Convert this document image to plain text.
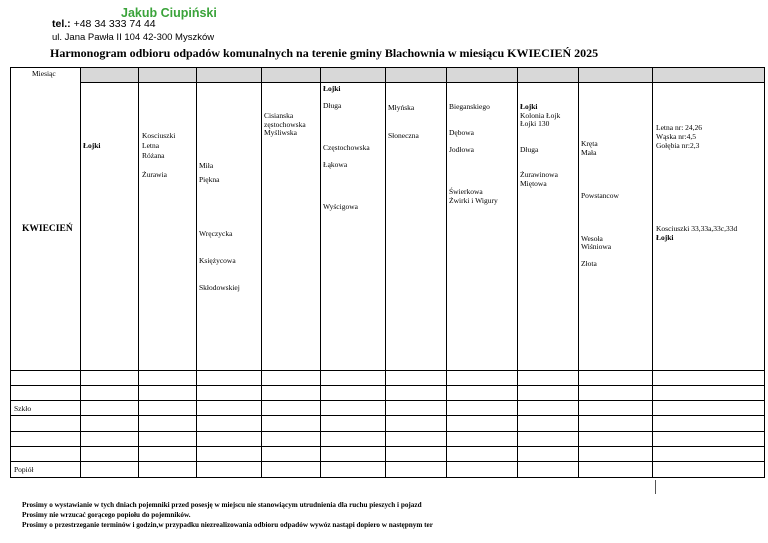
Jakub Ciupiński
tel.: +48 34 333 74 44
ul. Jana Pawła II 104 42-300 Myszków
Harmonogram odbioru odpadów komunalnych na terenie gminy Blachownia w miesiącu KWIECIEŃ 2025
Miesiąc
KWIECIEŃ
Łojki
Kosciuszki
Letna
Różana

Żurawia
Miła
Piękna

Wręczycka

Księżycowa

Skłodowskiej
Cisianska
zęstochowska
Myśliwska
Łojki

Długa

Częstochowska

Łąkowa

Wyścigowa
Młyńska

Słoneczna
Bieganskiego

Dębowa

Jodłowa

Świerkowa
Żwirki i Wigury
Łojki
Kolonia Łojk
Łojki 130

Długa

Żurawinowa
Miętowa
Kręta
Mała

Powstancow

Wesoła
Wiśniowa

Złota
Letna nr: 24,26
Wąska nr:4,5
Gołębia nr:2,3

Kosciuszki 33,33a,33c,33d
Łojki
Szkło
Popiół
Prosimy o wystawianie w tych dniach pojemniki przed posesję w miejscu nie stanowiącym utrudnienia dla ruchu pieszych i pojazd
Prosimy nie wrzucać gorącego popiołu do pojemników.
Prosimy o przestrzeganie terminów i godzin,w przypadku niezrealizowania odbioru odpadów wywóz nastąpi dopiero w następnym ter
